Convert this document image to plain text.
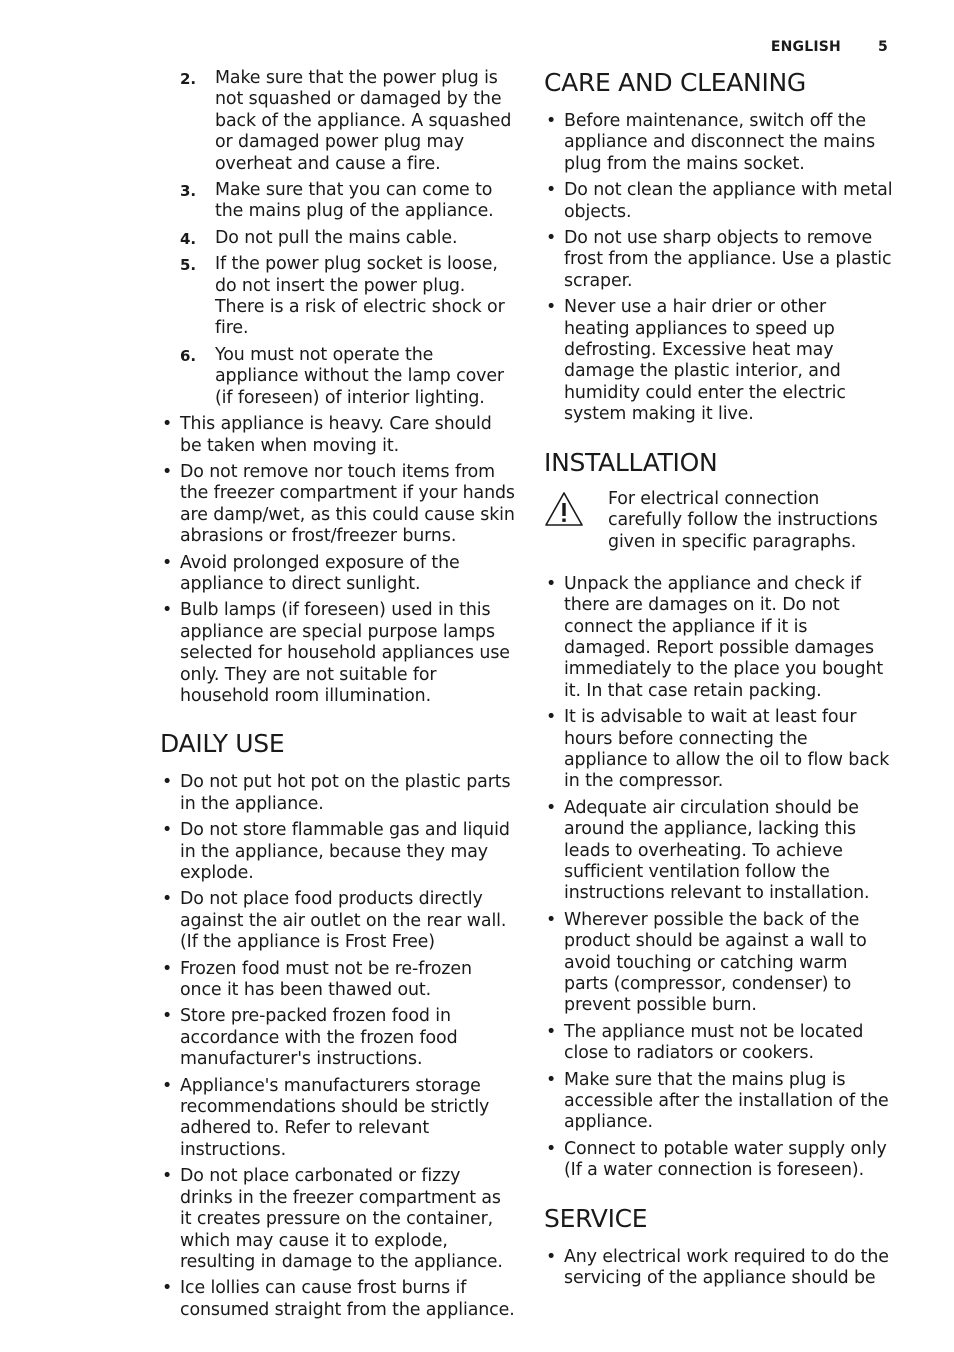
ENGLISH	5
2. Make sure that the power plug is not squashed or damaged by the back of the appliance. A squashed or damaged power plug may overheat and cause a fire.
3. Make sure that you can come to the mains plug of the appliance.
4. Do not pull the mains cable.
5. If the power plug socket is loose, do not insert the power plug. There is a risk of electric shock or fire.
6. You must not operate the appliance without the lamp cover (if foreseen) of interior lighting.
• This appliance is heavy. Care should be taken when moving it.
• Do not remove nor touch items from the freezer compartment if your hands are damp/wet, as this could cause skin abrasions or frost/freezer burns.
• Avoid prolonged exposure of the appliance to direct sunlight.
• Bulb lamps (if foreseen) used in this appliance are special purpose lamps selected for household appliances use only. They are not suitable for household room illumination.
DAILY USE
• Do not put hot pot on the plastic parts in the appliance.
• Do not store flammable gas and liquid in the appliance, because they may explode.
• Do not place food products directly against the air outlet on the rear wall. (If the appliance is Frost Free)
• Frozen food must not be re-frozen once it has been thawed out.
• Store pre-packed frozen food in accordance with the frozen food manufacturer's instructions.
• Appliance's manufacturers storage recommendations should be strictly adhered to. Refer to relevant instructions.
• Do not place carbonated or fizzy drinks in the freezer compartment as it creates pressure on the container, which may cause it to explode, resulting in damage to the appliance.
• Ice lollies can cause frost burns if consumed straight from the appliance.
CARE AND CLEANING
• Before maintenance, switch off the appliance and disconnect the mains plug from the mains socket.
• Do not clean the appliance with metal objects.
• Do not use sharp objects to remove frost from the appliance. Use a plastic scraper.
• Never use a hair drier or other heating appliances to speed up defrosting. Excessive heat may damage the plastic interior, and humidity could enter the electric system making it live.
INSTALLATION
For electrical connection carefully follow the instructions given in specific paragraphs.
• Unpack the appliance and check if there are damages on it. Do not connect the appliance if it is damaged. Report possible damages immediately to the place you bought it. In that case retain packing.
• It is advisable to wait at least four hours before connecting the appliance to allow the oil to flow back in the compressor.
• Adequate air circulation should be around the appliance, lacking this leads to overheating. To achieve sufficient ventilation follow the instructions relevant to installation.
• Wherever possible the back of the product should be against a wall to avoid touching or catching warm parts (compressor, condenser) to prevent possible burn.
• The appliance must not be located close to radiators or cookers.
• Make sure that the mains plug is accessible after the installation of the appliance.
• Connect to potable water supply only (If a water connection is foreseen).
SERVICE
• Any electrical work required to do the servicing of the appliance should be
